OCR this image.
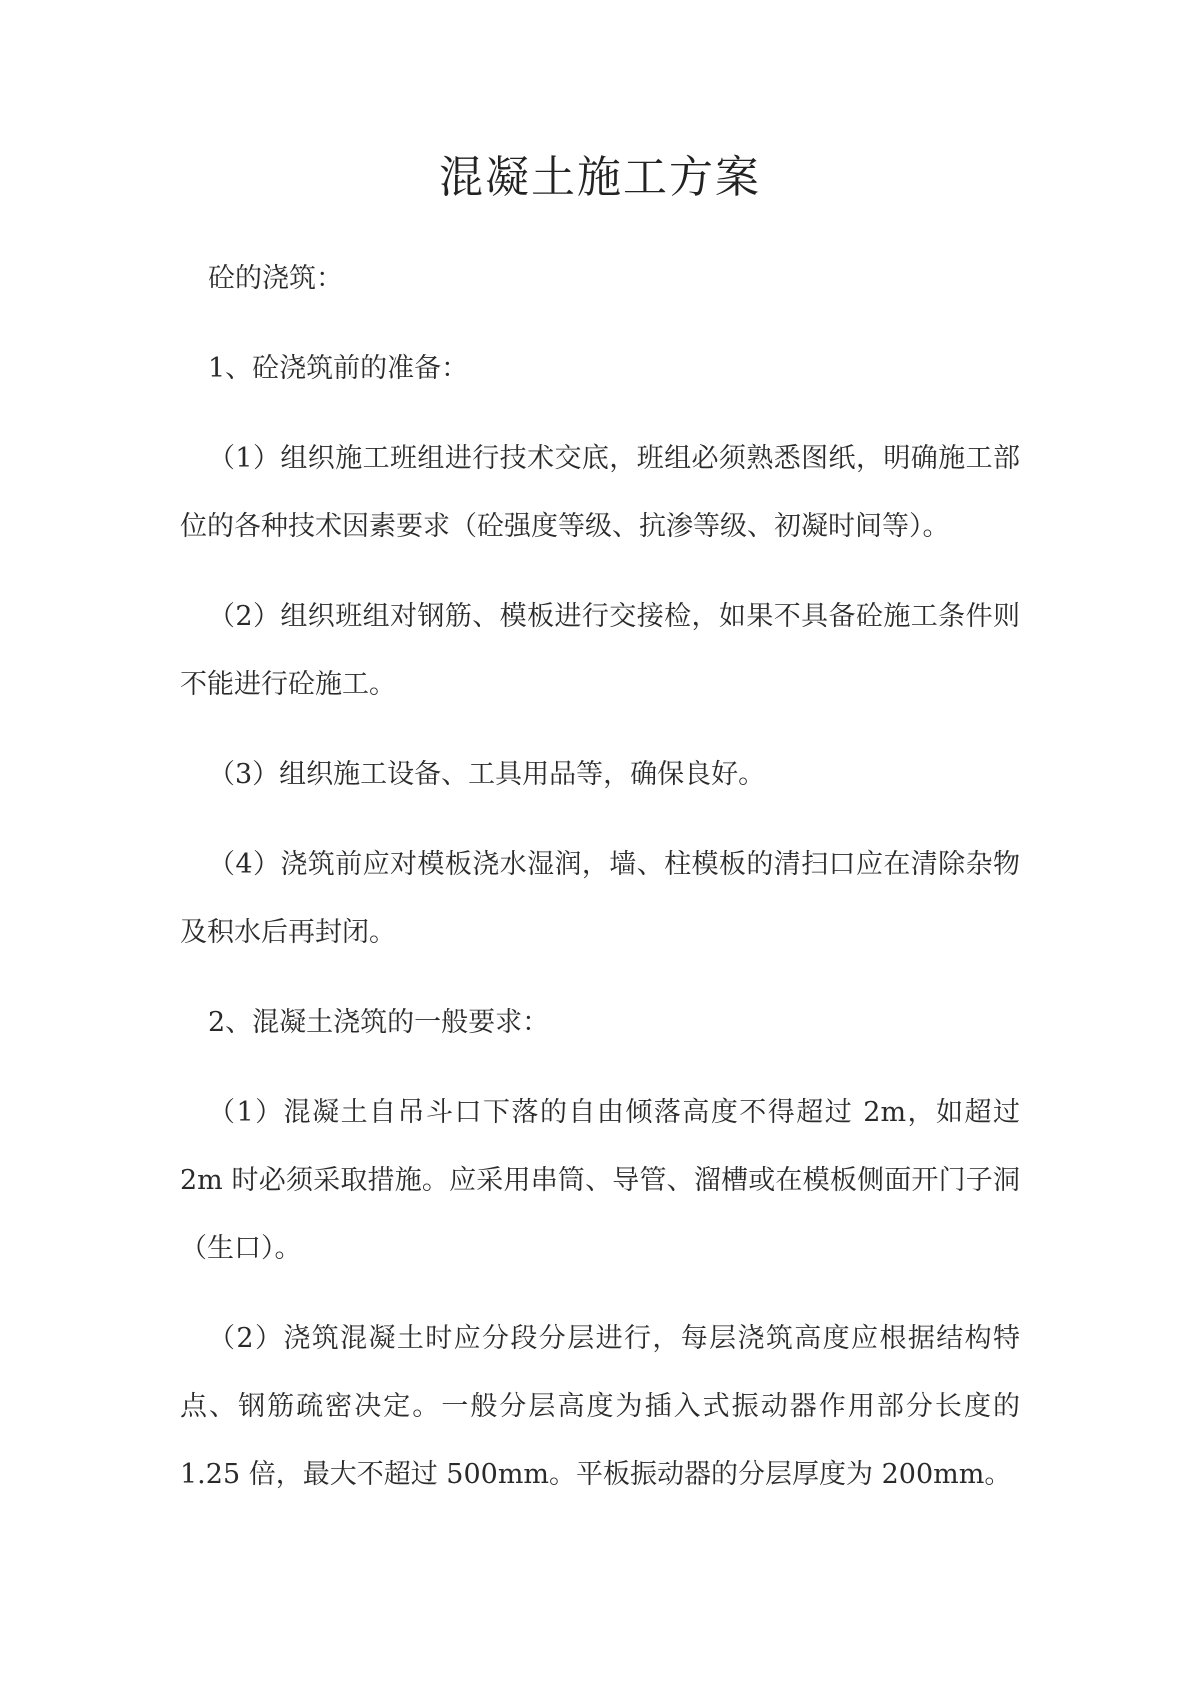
混凝土施工方案

砼的浇筑：

1、砼浇筑前的准备：

（1）组织施工班组进行技术交底，班组必须熟悉图纸，明确施工部位的各种技术因素要求（砼强度等级、抗渗等级、初凝时间等）。

（2）组织班组对钢筋、模板进行交接检，如果不具备砼施工条件则不能进行砼施工。

（3）组织施工设备、工具用品等，确保良好。

（4）浇筑前应对模板浇水湿润，墙、柱模板的清扫口应在清除杂物及积水后再封闭。

2、混凝土浇筑的一般要求：

（1）混凝土自吊斗口下落的自由倾落高度不得超过 2m，如超过 2m 时必须采取措施。应采用串筒、导管、溜槽或在模板侧面开门子洞（生口）。

（2）浇筑混凝土时应分段分层进行，每层浇筑高度应根据结构特点、钢筋疏密决定。一般分层高度为插入式振动器作用部分长度的 1.25 倍，最大不超过 500mm。平板振动器的分层厚度为 200mm。
